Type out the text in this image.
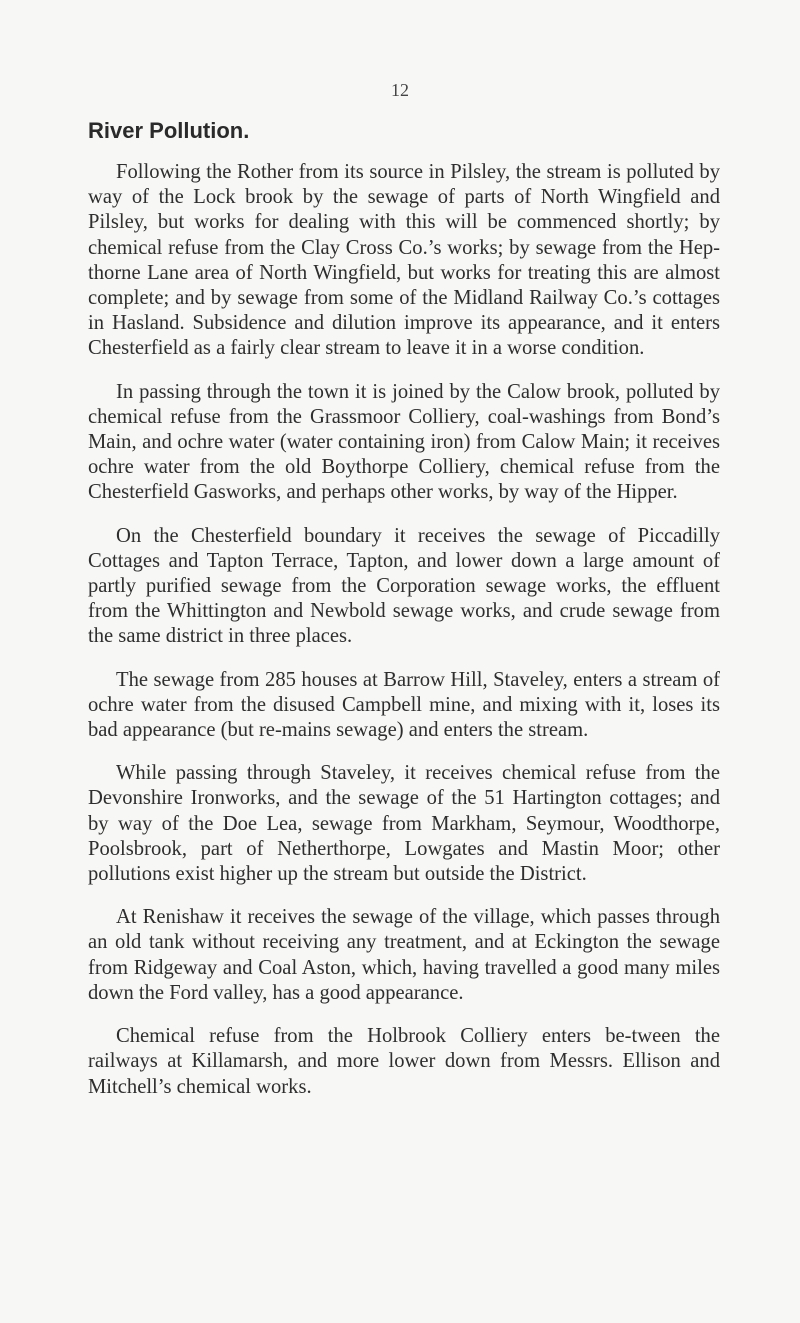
12
River Pollution.

Following the Rother from its source in Pilsley, the stream is polluted by way of the Lock brook by the sewage of parts of North Wingfield and Pilsley, but works for dealing with this will be commenced shortly; by chemical refuse from the Clay Cross Co.’s works; by sewage from the Hep-thorne Lane area of North Wingfield, but works for treating this are almost complete; and by sewage from some of the Midland Railway Co.’s cottages in Hasland. Subsidence and dilution improve its appearance, and it enters Chesterfield as a fairly clear stream to leave it in a worse condition.

In passing through the town it is joined by the Calow brook, polluted by chemical refuse from the Grassmoor Colliery, coal-washings from Bond’s Main, and ochre water (water containing iron) from Calow Main; it receives ochre water from the old Boythorpe Colliery, chemical refuse from the Chesterfield Gasworks, and perhaps other works, by way of the Hipper.

On the Chesterfield boundary it receives the sewage of Piccadilly Cottages and Tapton Terrace, Tapton, and lower down a large amount of partly purified sewage from the Corporation sewage works, the effluent from the Whittington and Newbold sewage works, and crude sewage from the same district in three places.

The sewage from 285 houses at Barrow Hill, Staveley, enters a stream of ochre water from the disused Campbell mine, and mixing with it, loses its bad appearance (but re-mains sewage) and enters the stream.

While passing through Staveley, it receives chemical refuse from the Devonshire Ironworks, and the sewage of the 51 Hartington cottages; and by way of the Doe Lea, sewage from Markham, Seymour, Woodthorpe, Poolsbrook, part of Netherthorpe, Lowgates and Mastin Moor; other pollutions exist higher up the stream but outside the District.

At Renishaw it receives the sewage of the village, which passes through an old tank without receiving any treatment, and at Eckington the sewage from Ridgeway and Coal Aston, which, having travelled a good many miles down the Ford valley, has a good appearance.

Chemical refuse from the Holbrook Colliery enters be-tween the railways at Killamarsh, and more lower down from Messrs. Ellison and Mitchell’s chemical works.
